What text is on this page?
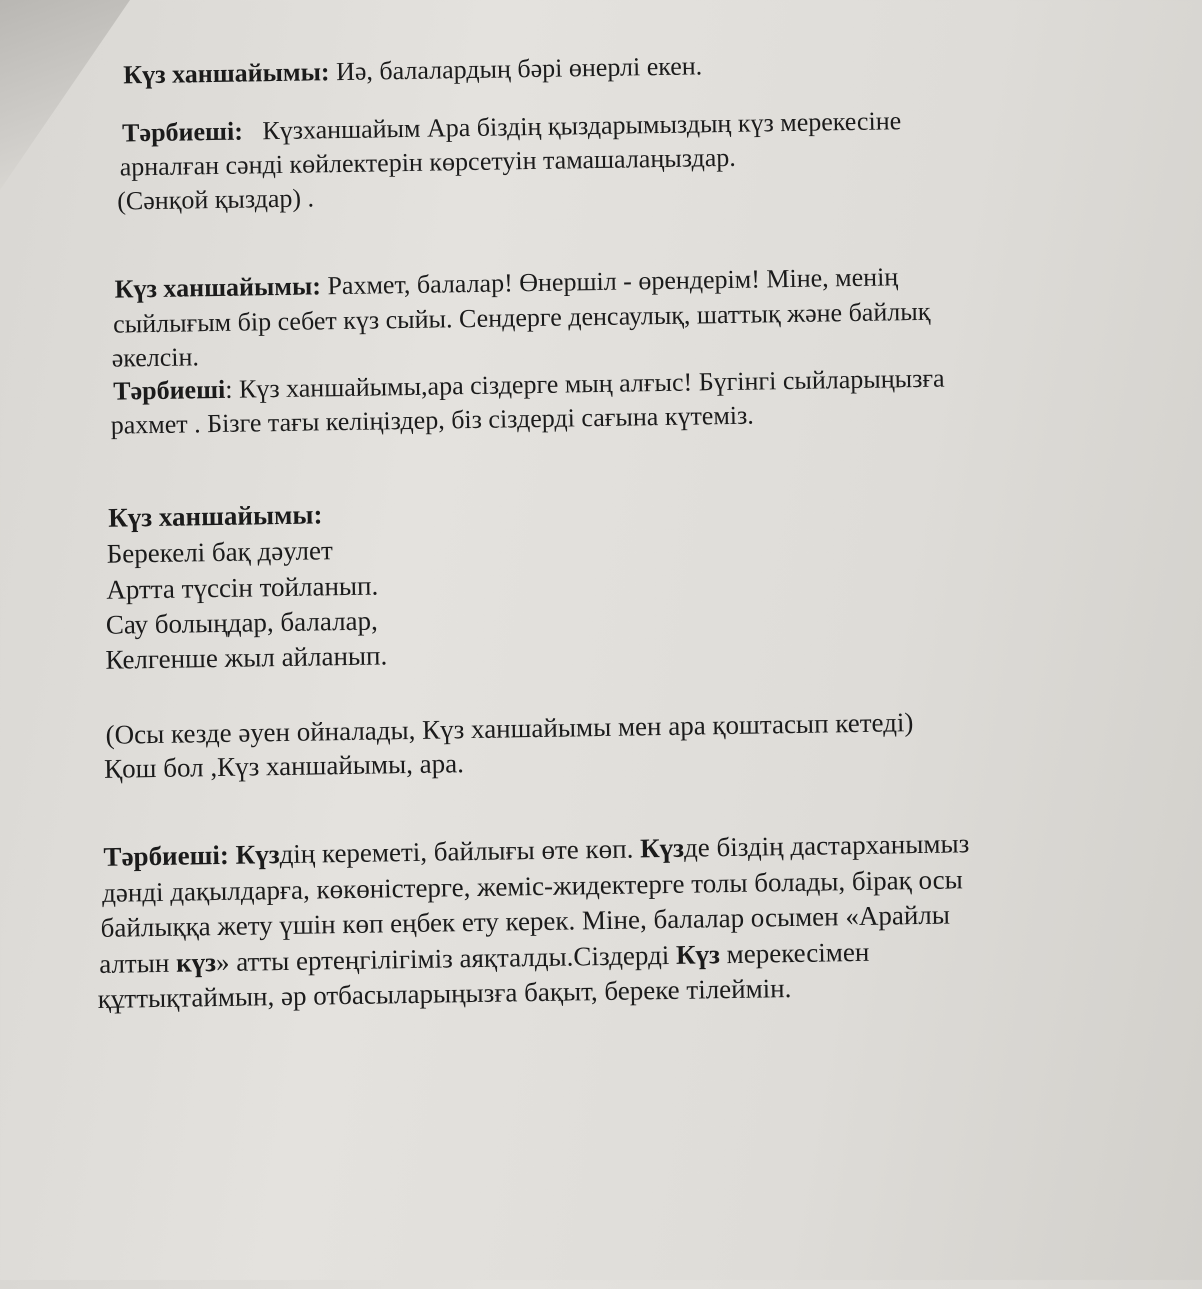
Күз ханшайымы: Иә, балалардың бәрі өнерлі екен.
Тәрбиеші:   Күзханшайым Ара біздің қыздарымыздың күз мерекесіне
арналған сәнді көйлектерін көрсетуін тамашалаңыздар.
(Сәнқой қыздар) .
Күз ханшайымы: Рахмет, балалар! Өнершіл - өрендерім! Міне, менің
сыйлығым бір себет күз сыйы. Сендерге денсаулық, шаттық және байлық
әкелсін.
Тәрбиеші: Күз ханшайымы,ара сіздерге мың алғыс! Бүгінгі сыйларыңызға
рахмет . Бізге тағы келіңіздер, біз сіздерді сағына күтеміз.
Күз ханшайымы:
Берекелі бақ дәулет
Артта түссін тойланып.
Сау болыңдар, балалар,
Келгенше жыл айланып.
(Осы кезде әуен ойналады, Күз ханшайымы мен ара қоштасып кетеді)
Қош бол ,Күз ханшайымы, ара.
Тәрбиеші: Күздің кереметі, байлығы өте көп. Күзде біздің дастарханымыз
дәнді дақылдарға, көкөністерге, жеміс-жидектерге толы болады, бірақ осы
байлыққа жету үшін көп еңбек ету керек. Міне, балалар осымен «Арайлы
алтын күз» атты ертеңгілігіміз аяқталды.Сіздерді Күз мерекесімен
құттықтаймын, әр отбасыларыңызға бақыт, береке тілеймін.
